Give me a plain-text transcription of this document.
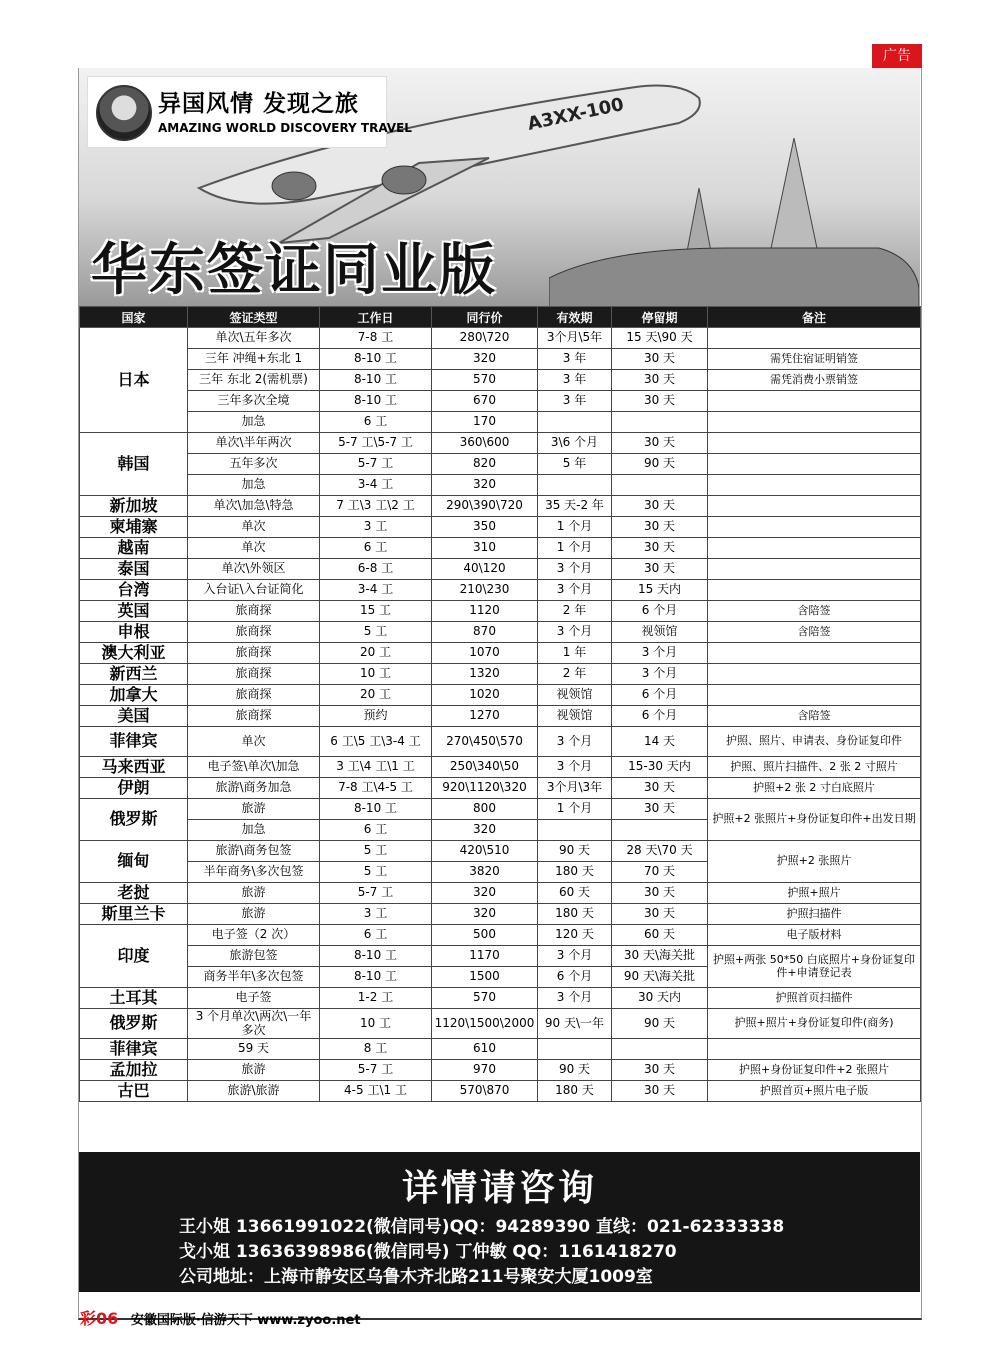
广告
A3XX-100
异国风情 发现之旅
AMAZING WORLD DISCOVERY TRAVEL
华东签证同业版
国家	签证类型	工作日	同行价	有效期	停留期	备注
日本	单次\五年多次	7-8 工	280\720	3个月\5年	15 天\90 天	
	三年 冲绳+东北 1	8-10 工	320	3 年	30 天	需凭住宿证明销签
	三年 东北 2(需机票)	8-10 工	570	3 年	30 天	需凭消费小票销签
	三年多次全境	8-10 工	670	3 年	30 天	
	加急	6 工	170			
韩国	单次\半年两次	5-7 工\5-7 工	360\600	3\6 个月	30 天	
	五年多次	5-7 工	820	5 年	90 天	
	加急	3-4 工	320			
新加坡	单次\加急\特急	7 工\3 工\2 工	290\390\720	35 天-2 年	30 天	
柬埔寨	单次	3 工	350	1 个月	30 天	
越南	单次	6 工	310	1 个月	30 天	
泰国	单次\外领区	6-8 工	40\120	3 个月	30 天	
台湾	入台证\入台证简化	3-4 工	210\230	3 个月	15 天内	
英国	旅商探	15 工	1120	2 年	6 个月	含陪签
申根	旅商探	5 工	870	3 个月	视领馆	含陪签
澳大利亚	旅商探	20 工	1070	1 年	3 个月	
新西兰	旅商探	10 工	1320	2 年	3 个月	
加拿大	旅商探	20 工	1020	视领馆	6 个月	
美国	旅商探	预约	1270	视领馆	6 个月	含陪签
菲律宾	单次	6 工\5 工\3-4 工	270\450\570	3 个月	14 天	护照、照片、申请表、身份证复印件
马来西亚	电子签\单次\加急	3 工\4 工\1 工	250\340\50	3 个月	15-30 天内	护照、照片扫描件、2 张 2 寸照片
伊朗	旅游\商务加急	7-8 工\4-5 工	920\1120\320	3个月\3年	30 天	护照+2 张 2 寸白底照片
俄罗斯	旅游	8-10 工	800	1 个月	30 天	护照+2 张照片+身份证复印件+出发日期
	加急	6 工	320			
缅甸	旅游\商务包签	5 工	420\510	90 天	28 天\70 天	护照+2 张照片
	半年商务\多次包签	5 工	3820	180 天	70 天	
老挝	旅游	5-7 工	320	60 天	30 天	护照+照片
斯里兰卡	旅游	3 工	320	180 天	30 天	护照扫描件
印度	电子签（2 次）	6 工	500	120 天	60 天	电子版材料
	旅游包签	8-10 工	1170	3 个月	30 天\海关批	护照+两张 50*50 白底照片+身份证复印件+申请登记表
	商务半年\多次包签	8-10 工	1500	6 个月	90 天\海关批	
土耳其	电子签	1-2 工	570	3 个月	30 天内	护照首页扫描件
俄罗斯	3 个月单次\两次\一年多次	10 工	1120\1500\2000	90 天\一年	90 天	护照+照片+身份证复印件(商务)
菲律宾	59 天	8 工	610			
孟加拉	旅游	5-7 工	970	90 天	30 天	护照+身份证复印件+2 张照片
古巴	旅游\旅游	4-5 工\1 工	570\870	180 天	30 天	护照首页+照片电子版
详情请咨询
王小姐 13661991022(微信同号)QQ：94289390 直线：021-62333338
戈小姐 13636398986(微信同号) 丁仲敏 QQ：1161418270
公司地址：上海市静安区乌鲁木齐北路211号聚安大厦1009室
彩06 安徽国际版·信游天下 www.zyoo.net
